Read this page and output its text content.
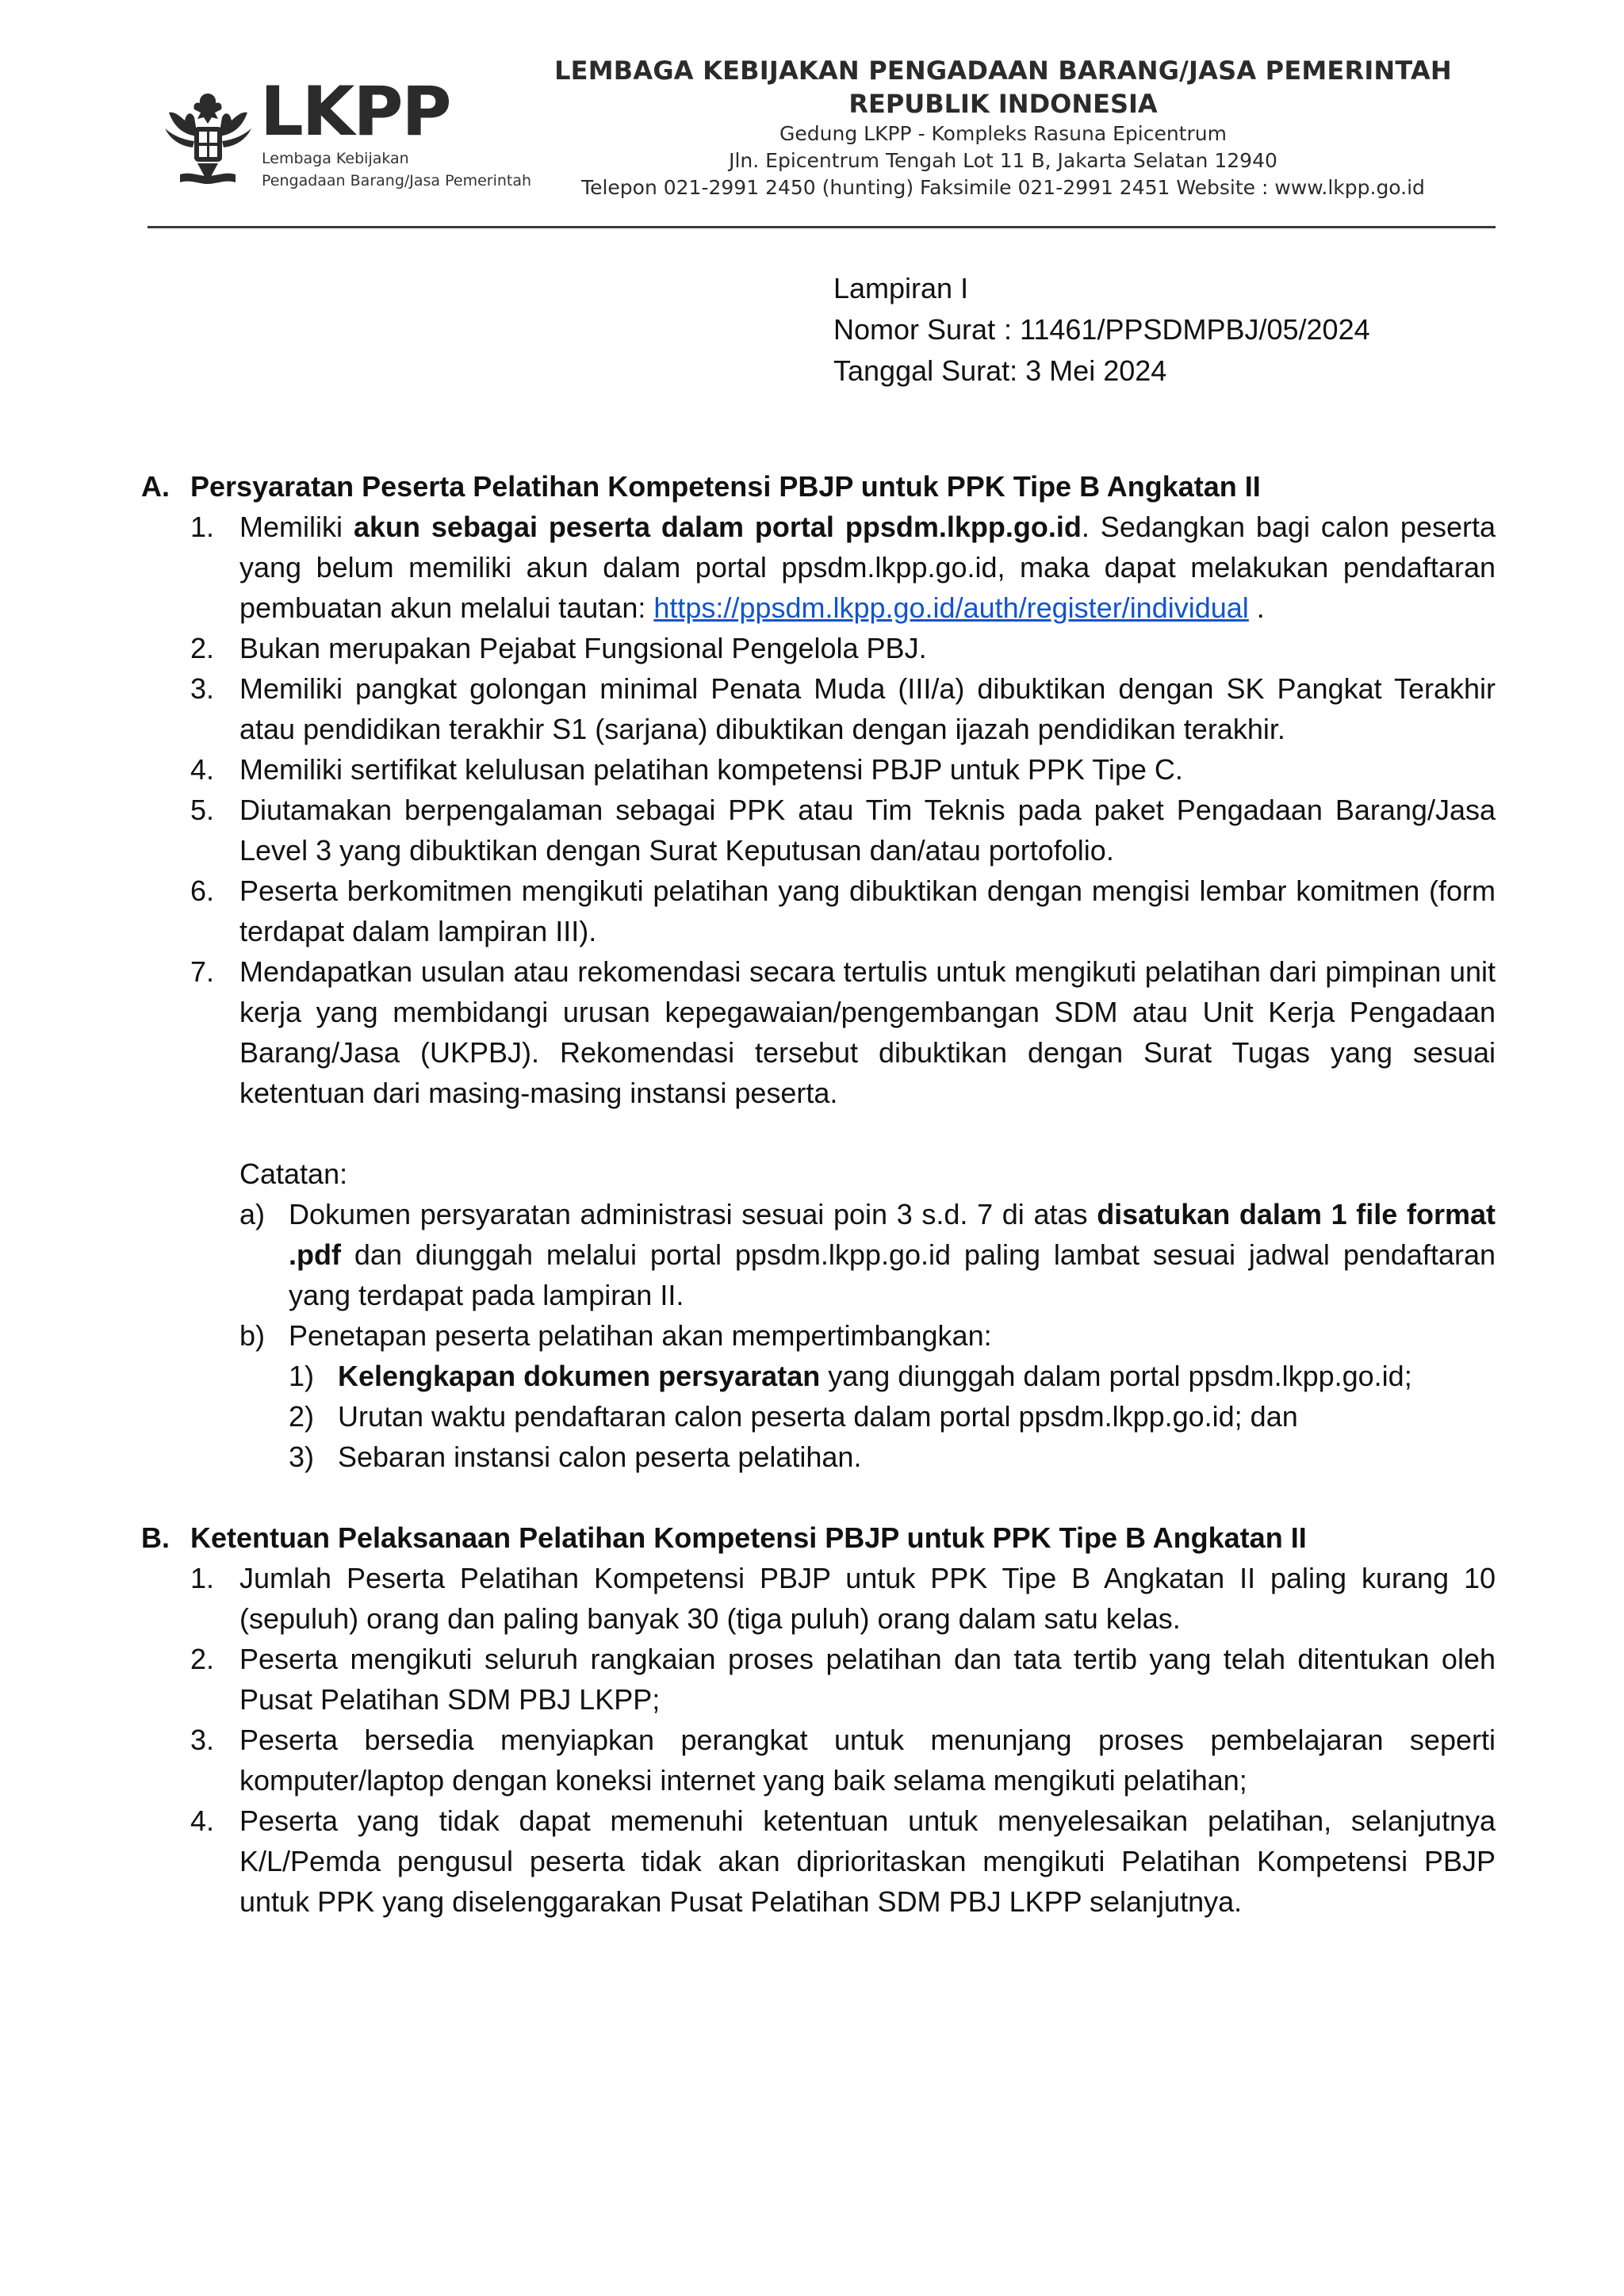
LKPP
Lembaga Kebijakan
Pengadaan Barang/Jasa Pemerintah
LEMBAGA KEBIJAKAN PENGADAAN BARANG/JASA PEMERINTAH
REPUBLIK INDONESIA
Gedung LKPP - Kompleks Rasuna Epicentrum
Jln. Epicentrum Tengah Lot 11 B, Jakarta Selatan 12940
Telepon 021-2991 2450 (hunting) Faksimile 021-2991 2451 Website : www.lkpp.go.id
Lampiran I
Nomor Surat : 11461/PPSDMPBJ/05/2024
Tanggal Surat : 3 Mei 2024
A. Persyaratan Peserta Pelatihan Kompetensi PBJP untuk PPK Tipe B Angkatan II
1. Memiliki akun sebagai peserta dalam portal ppsdm.lkpp.go.id. Sedangkan bagi calon peserta yang belum memiliki akun dalam portal ppsdm.lkpp.go.id, maka dapat melakukan pendaftaran pembuatan akun melalui tautan: https://ppsdm.lkpp.go.id/auth/register/individual .
2. Bukan merupakan Pejabat Fungsional Pengelola PBJ.
3. Memiliki pangkat golongan minimal Penata Muda (III/a) dibuktikan dengan SK Pangkat Terakhir atau pendidikan terakhir S1 (sarjana) dibuktikan dengan ijazah pendidikan terakhir.
4. Memiliki sertifikat kelulusan pelatihan kompetensi PBJP untuk PPK Tipe C.
5. Diutamakan berpengalaman sebagai PPK atau Tim Teknis pada paket Pengadaan Barang/Jasa Level 3 yang dibuktikan dengan Surat Keputusan dan/atau portofolio.
6. Peserta berkomitmen mengikuti pelatihan yang dibuktikan dengan mengisi lembar komitmen (form terdapat dalam lampiran III).
7. Mendapatkan usulan atau rekomendasi secara tertulis untuk mengikuti pelatihan dari pimpinan unit kerja yang membidangi urusan kepegawaian/pengembangan SDM atau Unit Kerja Pengadaan Barang/Jasa (UKPBJ). Rekomendasi tersebut dibuktikan dengan Surat Tugas yang sesuai ketentuan dari masing-masing instansi peserta.
Catatan:
a) Dokumen persyaratan administrasi sesuai poin 3 s.d. 7 di atas disatukan dalam 1 file format .pdf dan diunggah melalui portal ppsdm.lkpp.go.id paling lambat sesuai jadwal pendaftaran yang terdapat pada lampiran II.
b) Penetapan peserta pelatihan akan mempertimbangkan:
1) Kelengkapan dokumen persyaratan yang diunggah dalam portal ppsdm.lkpp.go.id;
2) Urutan waktu pendaftaran calon peserta dalam portal ppsdm.lkpp.go.id; dan
3) Sebaran instansi calon peserta pelatihan.
B. Ketentuan Pelaksanaan Pelatihan Kompetensi PBJP untuk PPK Tipe B Angkatan II
1. Jumlah Peserta Pelatihan Kompetensi PBJP untuk PPK Tipe B Angkatan II paling kurang 10 (sepuluh) orang dan paling banyak 30 (tiga puluh) orang dalam satu kelas.
2. Peserta mengikuti seluruh rangkaian proses pelatihan dan tata tertib yang telah ditentukan oleh Pusat Pelatihan SDM PBJ LKPP;
3. Peserta bersedia menyiapkan perangkat untuk menunjang proses pembelajaran seperti komputer/laptop dengan koneksi internet yang baik selama mengikuti pelatihan;
4. Peserta yang tidak dapat memenuhi ketentuan untuk menyelesaikan pelatihan, selanjutnya K/L/Pemda pengusul peserta tidak akan diprioritaskan mengikuti Pelatihan Kompetensi PBJP untuk PPK yang diselenggarakan Pusat Pelatihan SDM PBJ LKPP selanjutnya.
